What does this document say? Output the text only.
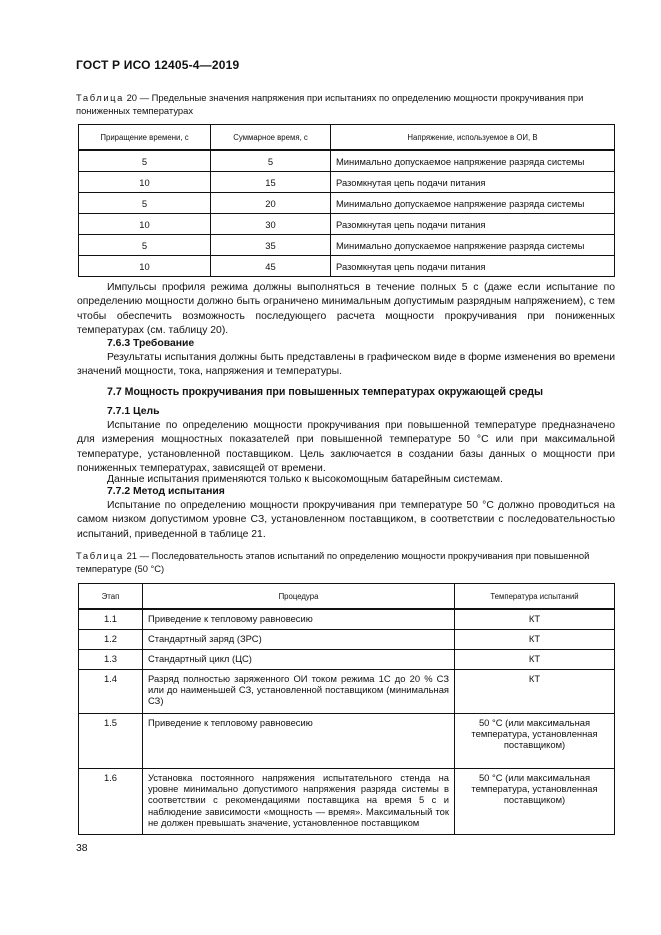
ГОСТ Р ИСО 12405-4—2019
Таблица 20 — Предельные значения напряжения при испытаниях по определению мощности прокручивания при пониженных температурах
Приращение времени, с	Суммарное время, с	Напряжение, используемое в ОИ, В
5	5	Минимально допускаемое напряжение разряда системы
10	15	Разомкнутая цепь подачи питания
5	20	Минимально допускаемое напряжение разряда системы
10	30	Разомкнутая цепь подачи питания
5	35	Минимально допускаемое напряжение разряда системы
10	45	Разомкнутая цепь подачи питания
Импульсы профиля режима должны выполняться в течение полных 5 с (даже если испытание по определению мощности должно быть ограничено минимальным допустимым разрядным напряжением), с тем чтобы обеспечить возможность последующего расчета мощности прокручивания при пониженных температурах (см. таблицу 20).
7.6.3 Требование
Результаты испытания должны быть представлены в графическом виде в форме изменения во времени значений мощности, тока, напряжения и температуры.
7.7 Мощность прокручивания при повышенных температурах окружающей среды
7.7.1 Цель
Испытание по определению мощности прокручивания при повышенной температуре предназначено для измерения мощностных показателей при повышенной температуре 50 °С или при максимальной температуре, установленной поставщиком. Цель заключается в создании базы данных о мощности при пониженных температурах, зависящей от времени.
Данные испытания применяются только к высокомощным батарейным системам.
7.7.2 Метод испытания
Испытание по определению мощности прокручивания при температуре 50 °С должно проводиться на самом низком допустимом уровне СЗ, установленном поставщиком, в соответствии с последовательностью испытаний, приведенной в таблице 21.
Таблица 21 — Последовательность этапов испытаний по определению мощности прокручивания при повышенной температуре (50 °С)
Этап	Процедура	Температура испытаний
1.1	Приведение к тепловому равновесию	КТ
1.2	Стандартный заряд (ЗРС)	КТ
1.3	Стандартный цикл (ЦС)	КТ
1.4	Разряд полностью заряженного ОИ током режима 1C до 20 % СЗ или до наименьшей СЗ, установленной поставщиком (минимальная СЗ)	КТ
1.5	Приведение к тепловому равновесию	50 °С (или максимальная температура, установленная поставщиком)
1.6	Установка постоянного напряжения испытательного стенда на уровне минимально допустимого напряжения разряда системы в соответствии с рекомендациями поставщика на время 5 с и наблюдение зависимости «мощность — время». Максимальный ток не должен превышать значение, установленное поставщиком	50 °С (или максимальная температура, установленная поставщиком)
38
